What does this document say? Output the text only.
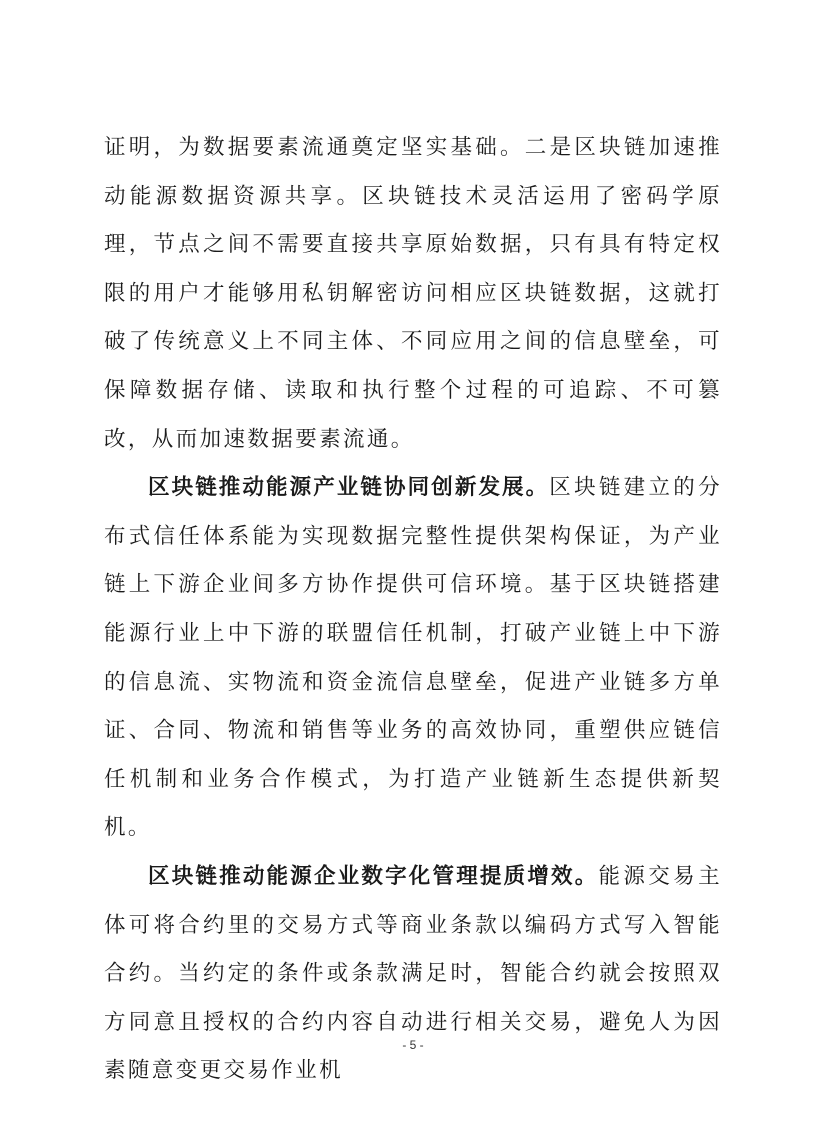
证明，为数据要素流通奠定坚实基础。二是区块链加速推动能源数据资源共享。区块链技术灵活运用了密码学原理，节点之间不需要直接共享原始数据，只有具有特定权限的用户才能够用私钥解密访问相应区块链数据，这就打破了传统意义上不同主体、不同应用之间的信息壁垒，可保障数据存储、读取和执行整个过程的可追踪、不可篡改，从而加速数据要素流通。

区块链推动能源产业链协同创新发展。区块链建立的分布式信任体系能为实现数据完整性提供架构保证，为产业链上下游企业间多方协作提供可信环境。基于区块链搭建能源行业上中下游的联盟信任机制，打破产业链上中下游的信息流、实物流和资金流信息壁垒，促进产业链多方单证、合同、物流和销售等业务的高效协同，重塑供应链信任机制和业务合作模式，为打造产业链新生态提供新契机。

区块链推动能源企业数字化管理提质增效。能源交易主体可将合约里的交易方式等商业条款以编码方式写入智能合约。当约定的条件或条款满足时，智能合约就会按照双方同意且授权的合约内容自动进行相关交易，避免人为因素随意变更交易作业机

- 5 -
